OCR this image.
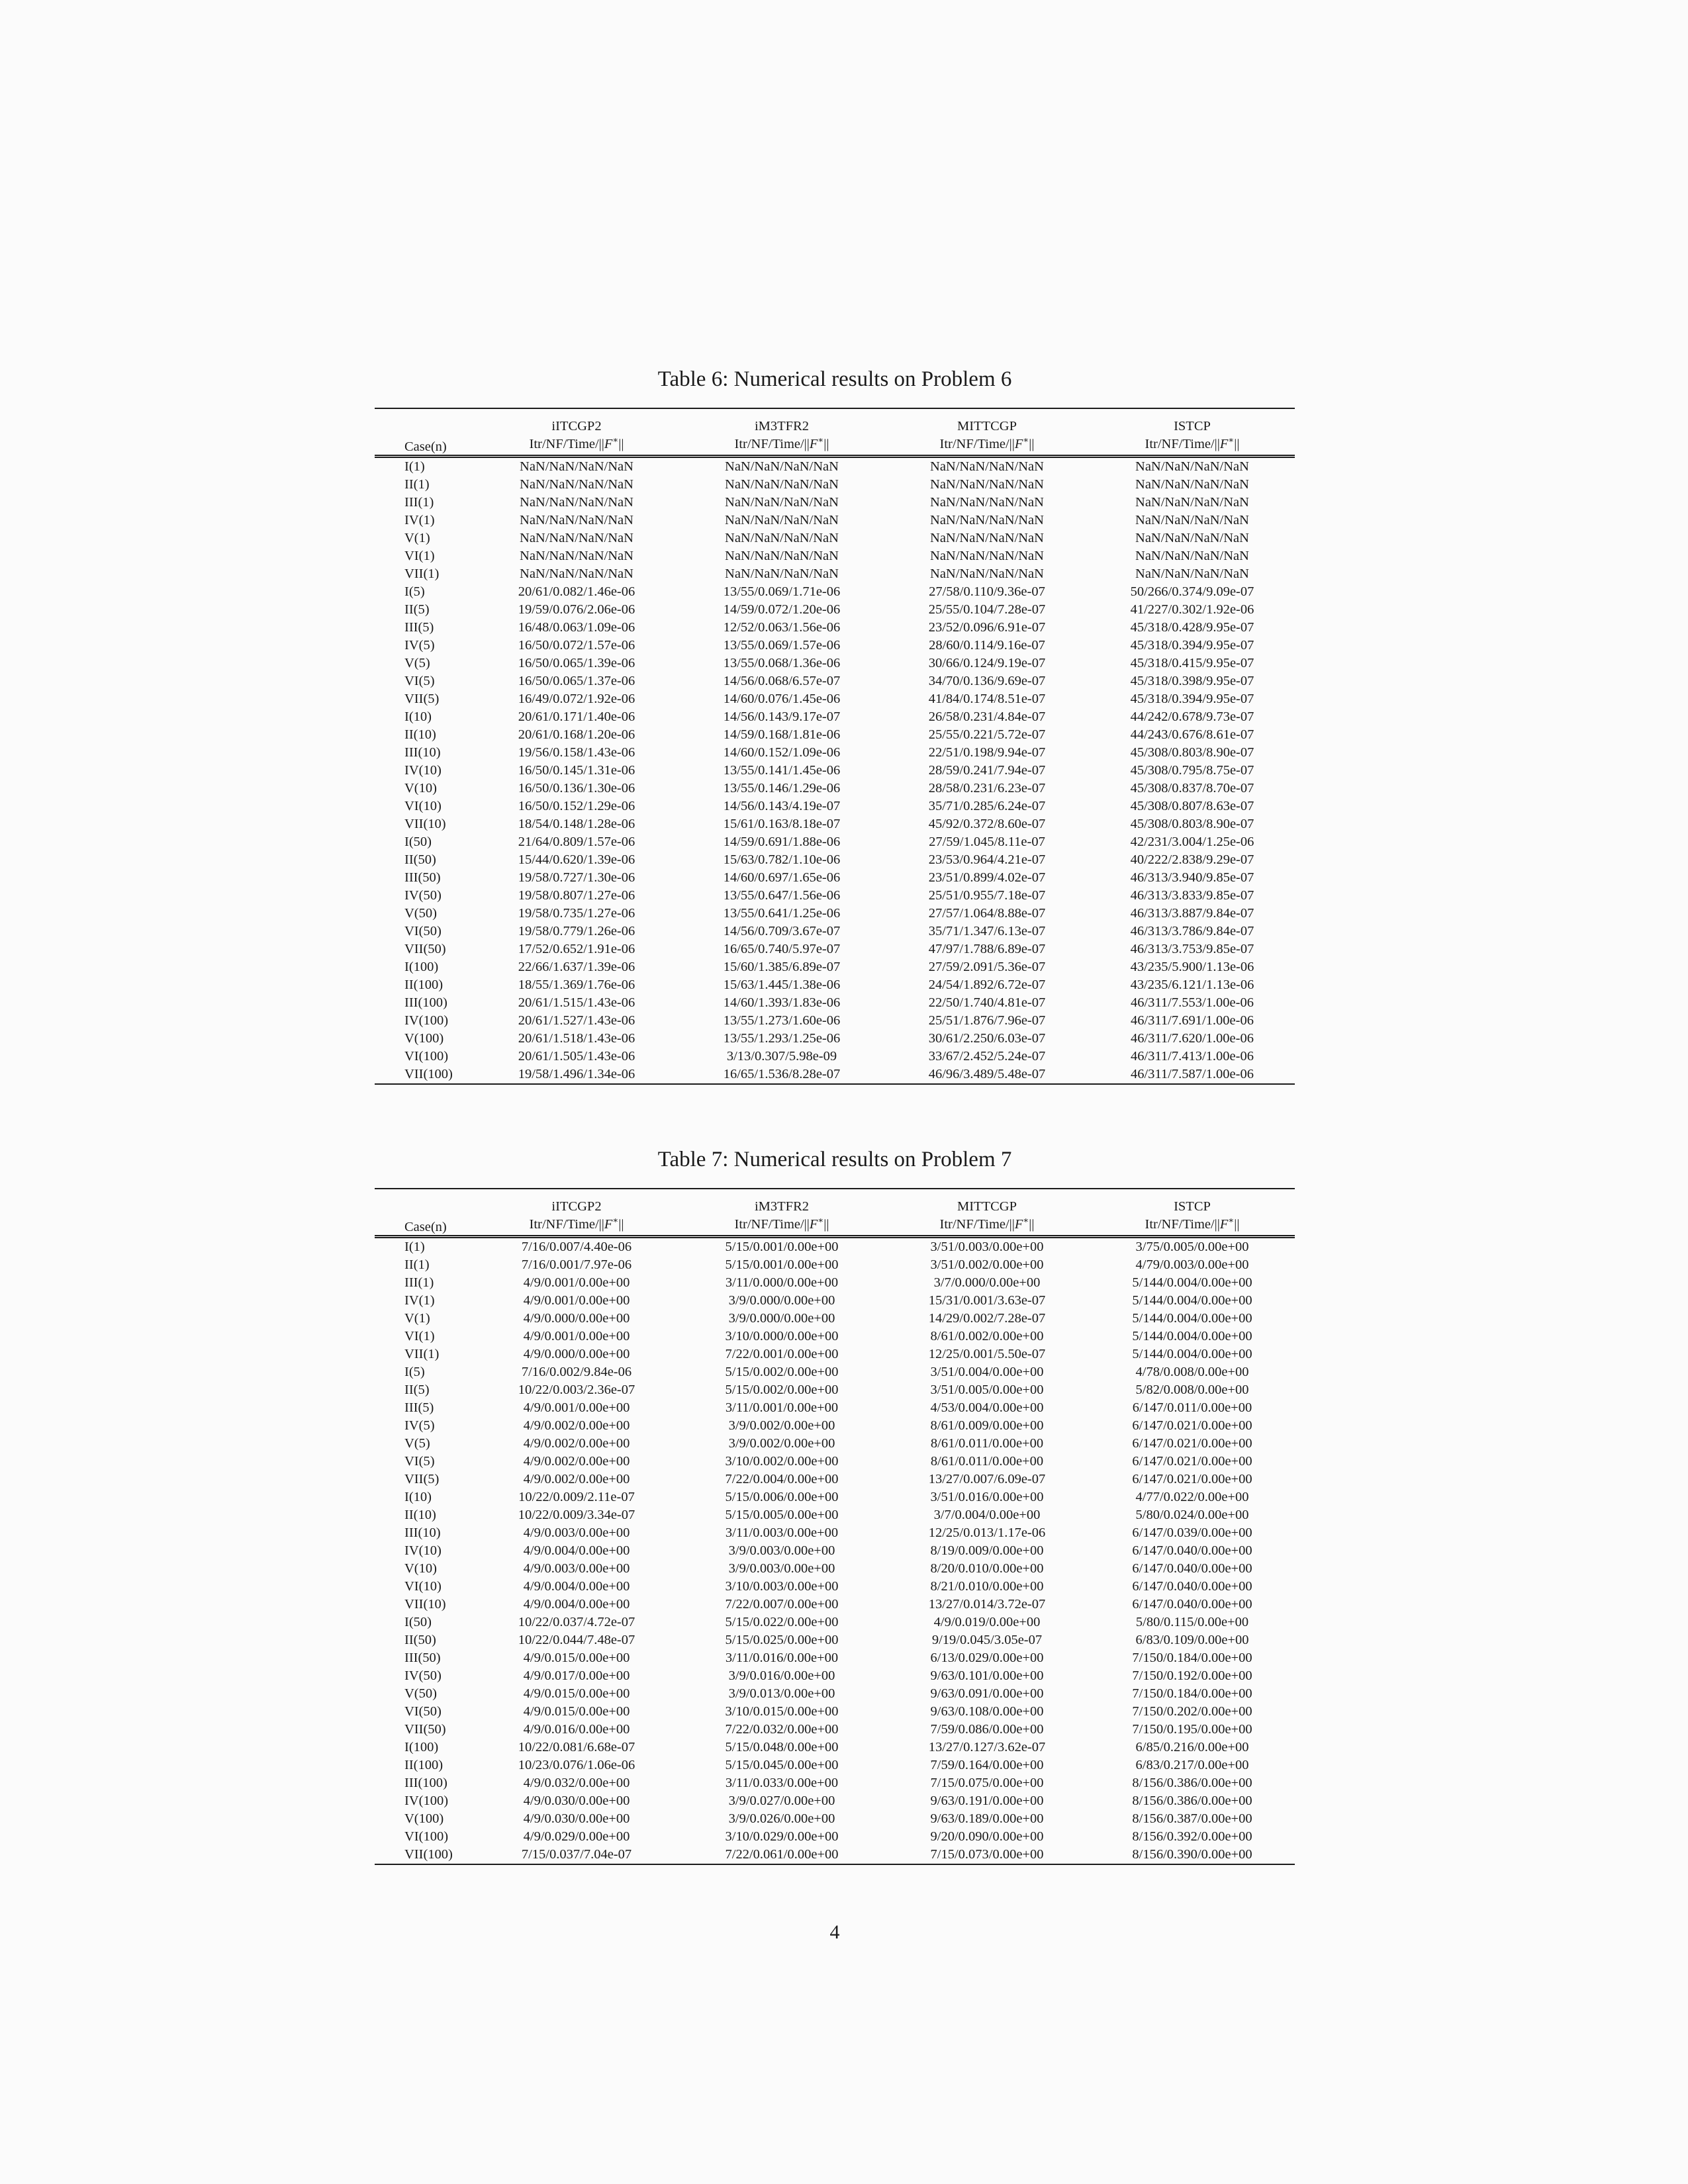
Table 6: Numerical results on Problem 6
Case(n)	iITCGP2	iM3TFR2	MITTCGP	ISTCP
	Itr/NF/Time/||F∗||	Itr/NF/Time/||F∗||	Itr/NF/Time/||F∗||	Itr/NF/Time/||F∗||
I(1)	NaN/NaN/NaN/NaN	NaN/NaN/NaN/NaN	NaN/NaN/NaN/NaN	NaN/NaN/NaN/NaN
II(1)	NaN/NaN/NaN/NaN	NaN/NaN/NaN/NaN	NaN/NaN/NaN/NaN	NaN/NaN/NaN/NaN
III(1)	NaN/NaN/NaN/NaN	NaN/NaN/NaN/NaN	NaN/NaN/NaN/NaN	NaN/NaN/NaN/NaN
IV(1)	NaN/NaN/NaN/NaN	NaN/NaN/NaN/NaN	NaN/NaN/NaN/NaN	NaN/NaN/NaN/NaN
V(1)	NaN/NaN/NaN/NaN	NaN/NaN/NaN/NaN	NaN/NaN/NaN/NaN	NaN/NaN/NaN/NaN
VI(1)	NaN/NaN/NaN/NaN	NaN/NaN/NaN/NaN	NaN/NaN/NaN/NaN	NaN/NaN/NaN/NaN
VII(1)	NaN/NaN/NaN/NaN	NaN/NaN/NaN/NaN	NaN/NaN/NaN/NaN	NaN/NaN/NaN/NaN
I(5)	20/61/0.082/1.46e-06	13/55/0.069/1.71e-06	27/58/0.110/9.36e-07	50/266/0.374/9.09e-07
II(5)	19/59/0.076/2.06e-06	14/59/0.072/1.20e-06	25/55/0.104/7.28e-07	41/227/0.302/1.92e-06
III(5)	16/48/0.063/1.09e-06	12/52/0.063/1.56e-06	23/52/0.096/6.91e-07	45/318/0.428/9.95e-07
IV(5)	16/50/0.072/1.57e-06	13/55/0.069/1.57e-06	28/60/0.114/9.16e-07	45/318/0.394/9.95e-07
V(5)	16/50/0.065/1.39e-06	13/55/0.068/1.36e-06	30/66/0.124/9.19e-07	45/318/0.415/9.95e-07
VI(5)	16/50/0.065/1.37e-06	14/56/0.068/6.57e-07	34/70/0.136/9.69e-07	45/318/0.398/9.95e-07
VII(5)	16/49/0.072/1.92e-06	14/60/0.076/1.45e-06	41/84/0.174/8.51e-07	45/318/0.394/9.95e-07
I(10)	20/61/0.171/1.40e-06	14/56/0.143/9.17e-07	26/58/0.231/4.84e-07	44/242/0.678/9.73e-07
II(10)	20/61/0.168/1.20e-06	14/59/0.168/1.81e-06	25/55/0.221/5.72e-07	44/243/0.676/8.61e-07
III(10)	19/56/0.158/1.43e-06	14/60/0.152/1.09e-06	22/51/0.198/9.94e-07	45/308/0.803/8.90e-07
IV(10)	16/50/0.145/1.31e-06	13/55/0.141/1.45e-06	28/59/0.241/7.94e-07	45/308/0.795/8.75e-07
V(10)	16/50/0.136/1.30e-06	13/55/0.146/1.29e-06	28/58/0.231/6.23e-07	45/308/0.837/8.70e-07
VI(10)	16/50/0.152/1.29e-06	14/56/0.143/4.19e-07	35/71/0.285/6.24e-07	45/308/0.807/8.63e-07
VII(10)	18/54/0.148/1.28e-06	15/61/0.163/8.18e-07	45/92/0.372/8.60e-07	45/308/0.803/8.90e-07
I(50)	21/64/0.809/1.57e-06	14/59/0.691/1.88e-06	27/59/1.045/8.11e-07	42/231/3.004/1.25e-06
II(50)	15/44/0.620/1.39e-06	15/63/0.782/1.10e-06	23/53/0.964/4.21e-07	40/222/2.838/9.29e-07
III(50)	19/58/0.727/1.30e-06	14/60/0.697/1.65e-06	23/51/0.899/4.02e-07	46/313/3.940/9.85e-07
IV(50)	19/58/0.807/1.27e-06	13/55/0.647/1.56e-06	25/51/0.955/7.18e-07	46/313/3.833/9.85e-07
V(50)	19/58/0.735/1.27e-06	13/55/0.641/1.25e-06	27/57/1.064/8.88e-07	46/313/3.887/9.84e-07
VI(50)	19/58/0.779/1.26e-06	14/56/0.709/3.67e-07	35/71/1.347/6.13e-07	46/313/3.786/9.84e-07
VII(50)	17/52/0.652/1.91e-06	16/65/0.740/5.97e-07	47/97/1.788/6.89e-07	46/313/3.753/9.85e-07
I(100)	22/66/1.637/1.39e-06	15/60/1.385/6.89e-07	27/59/2.091/5.36e-07	43/235/5.900/1.13e-06
II(100)	18/55/1.369/1.76e-06	15/63/1.445/1.38e-06	24/54/1.892/6.72e-07	43/235/6.121/1.13e-06
III(100)	20/61/1.515/1.43e-06	14/60/1.393/1.83e-06	22/50/1.740/4.81e-07	46/311/7.553/1.00e-06
IV(100)	20/61/1.527/1.43e-06	13/55/1.273/1.60e-06	25/51/1.876/7.96e-07	46/311/7.691/1.00e-06
V(100)	20/61/1.518/1.43e-06	13/55/1.293/1.25e-06	30/61/2.250/6.03e-07	46/311/7.620/1.00e-06
VI(100)	20/61/1.505/1.43e-06	3/13/0.307/5.98e-09	33/67/2.452/5.24e-07	46/311/7.413/1.00e-06
VII(100)	19/58/1.496/1.34e-06	16/65/1.536/8.28e-07	46/96/3.489/5.48e-07	46/311/7.587/1.00e-06
Table 7: Numerical results on Problem 7
Case(n)	iITCGP2	iM3TFR2	MITTCGP	ISTCP
	Itr/NF/Time/||F∗||	Itr/NF/Time/||F∗||	Itr/NF/Time/||F∗||	Itr/NF/Time/||F∗||
I(1)	7/16/0.007/4.40e-06	5/15/0.001/0.00e+00	3/51/0.003/0.00e+00	3/75/0.005/0.00e+00
II(1)	7/16/0.001/7.97e-06	5/15/0.001/0.00e+00	3/51/0.002/0.00e+00	4/79/0.003/0.00e+00
III(1)	4/9/0.001/0.00e+00	3/11/0.000/0.00e+00	3/7/0.000/0.00e+00	5/144/0.004/0.00e+00
IV(1)	4/9/0.001/0.00e+00	3/9/0.000/0.00e+00	15/31/0.001/3.63e-07	5/144/0.004/0.00e+00
V(1)	4/9/0.000/0.00e+00	3/9/0.000/0.00e+00	14/29/0.002/7.28e-07	5/144/0.004/0.00e+00
VI(1)	4/9/0.001/0.00e+00	3/10/0.000/0.00e+00	8/61/0.002/0.00e+00	5/144/0.004/0.00e+00
VII(1)	4/9/0.000/0.00e+00	7/22/0.001/0.00e+00	12/25/0.001/5.50e-07	5/144/0.004/0.00e+00
I(5)	7/16/0.002/9.84e-06	5/15/0.002/0.00e+00	3/51/0.004/0.00e+00	4/78/0.008/0.00e+00
II(5)	10/22/0.003/2.36e-07	5/15/0.002/0.00e+00	3/51/0.005/0.00e+00	5/82/0.008/0.00e+00
III(5)	4/9/0.001/0.00e+00	3/11/0.001/0.00e+00	4/53/0.004/0.00e+00	6/147/0.011/0.00e+00
IV(5)	4/9/0.002/0.00e+00	3/9/0.002/0.00e+00	8/61/0.009/0.00e+00	6/147/0.021/0.00e+00
V(5)	4/9/0.002/0.00e+00	3/9/0.002/0.00e+00	8/61/0.011/0.00e+00	6/147/0.021/0.00e+00
VI(5)	4/9/0.002/0.00e+00	3/10/0.002/0.00e+00	8/61/0.011/0.00e+00	6/147/0.021/0.00e+00
VII(5)	4/9/0.002/0.00e+00	7/22/0.004/0.00e+00	13/27/0.007/6.09e-07	6/147/0.021/0.00e+00
I(10)	10/22/0.009/2.11e-07	5/15/0.006/0.00e+00	3/51/0.016/0.00e+00	4/77/0.022/0.00e+00
II(10)	10/22/0.009/3.34e-07	5/15/0.005/0.00e+00	3/7/0.004/0.00e+00	5/80/0.024/0.00e+00
III(10)	4/9/0.003/0.00e+00	3/11/0.003/0.00e+00	12/25/0.013/1.17e-06	6/147/0.039/0.00e+00
IV(10)	4/9/0.004/0.00e+00	3/9/0.003/0.00e+00	8/19/0.009/0.00e+00	6/147/0.040/0.00e+00
V(10)	4/9/0.003/0.00e+00	3/9/0.003/0.00e+00	8/20/0.010/0.00e+00	6/147/0.040/0.00e+00
VI(10)	4/9/0.004/0.00e+00	3/10/0.003/0.00e+00	8/21/0.010/0.00e+00	6/147/0.040/0.00e+00
VII(10)	4/9/0.004/0.00e+00	7/22/0.007/0.00e+00	13/27/0.014/3.72e-07	6/147/0.040/0.00e+00
I(50)	10/22/0.037/4.72e-07	5/15/0.022/0.00e+00	4/9/0.019/0.00e+00	5/80/0.115/0.00e+00
II(50)	10/22/0.044/7.48e-07	5/15/0.025/0.00e+00	9/19/0.045/3.05e-07	6/83/0.109/0.00e+00
III(50)	4/9/0.015/0.00e+00	3/11/0.016/0.00e+00	6/13/0.029/0.00e+00	7/150/0.184/0.00e+00
IV(50)	4/9/0.017/0.00e+00	3/9/0.016/0.00e+00	9/63/0.101/0.00e+00	7/150/0.192/0.00e+00
V(50)	4/9/0.015/0.00e+00	3/9/0.013/0.00e+00	9/63/0.091/0.00e+00	7/150/0.184/0.00e+00
VI(50)	4/9/0.015/0.00e+00	3/10/0.015/0.00e+00	9/63/0.108/0.00e+00	7/150/0.202/0.00e+00
VII(50)	4/9/0.016/0.00e+00	7/22/0.032/0.00e+00	7/59/0.086/0.00e+00	7/150/0.195/0.00e+00
I(100)	10/22/0.081/6.68e-07	5/15/0.048/0.00e+00	13/27/0.127/3.62e-07	6/85/0.216/0.00e+00
II(100)	10/23/0.076/1.06e-06	5/15/0.045/0.00e+00	7/59/0.164/0.00e+00	6/83/0.217/0.00e+00
III(100)	4/9/0.032/0.00e+00	3/11/0.033/0.00e+00	7/15/0.075/0.00e+00	8/156/0.386/0.00e+00
IV(100)	4/9/0.030/0.00e+00	3/9/0.027/0.00e+00	9/63/0.191/0.00e+00	8/156/0.386/0.00e+00
V(100)	4/9/0.030/0.00e+00	3/9/0.026/0.00e+00	9/63/0.189/0.00e+00	8/156/0.387/0.00e+00
VI(100)	4/9/0.029/0.00e+00	3/10/0.029/0.00e+00	9/20/0.090/0.00e+00	8/156/0.392/0.00e+00
VII(100)	7/15/0.037/7.04e-07	7/22/0.061/0.00e+00	7/15/0.073/0.00e+00	8/156/0.390/0.00e+00
4
